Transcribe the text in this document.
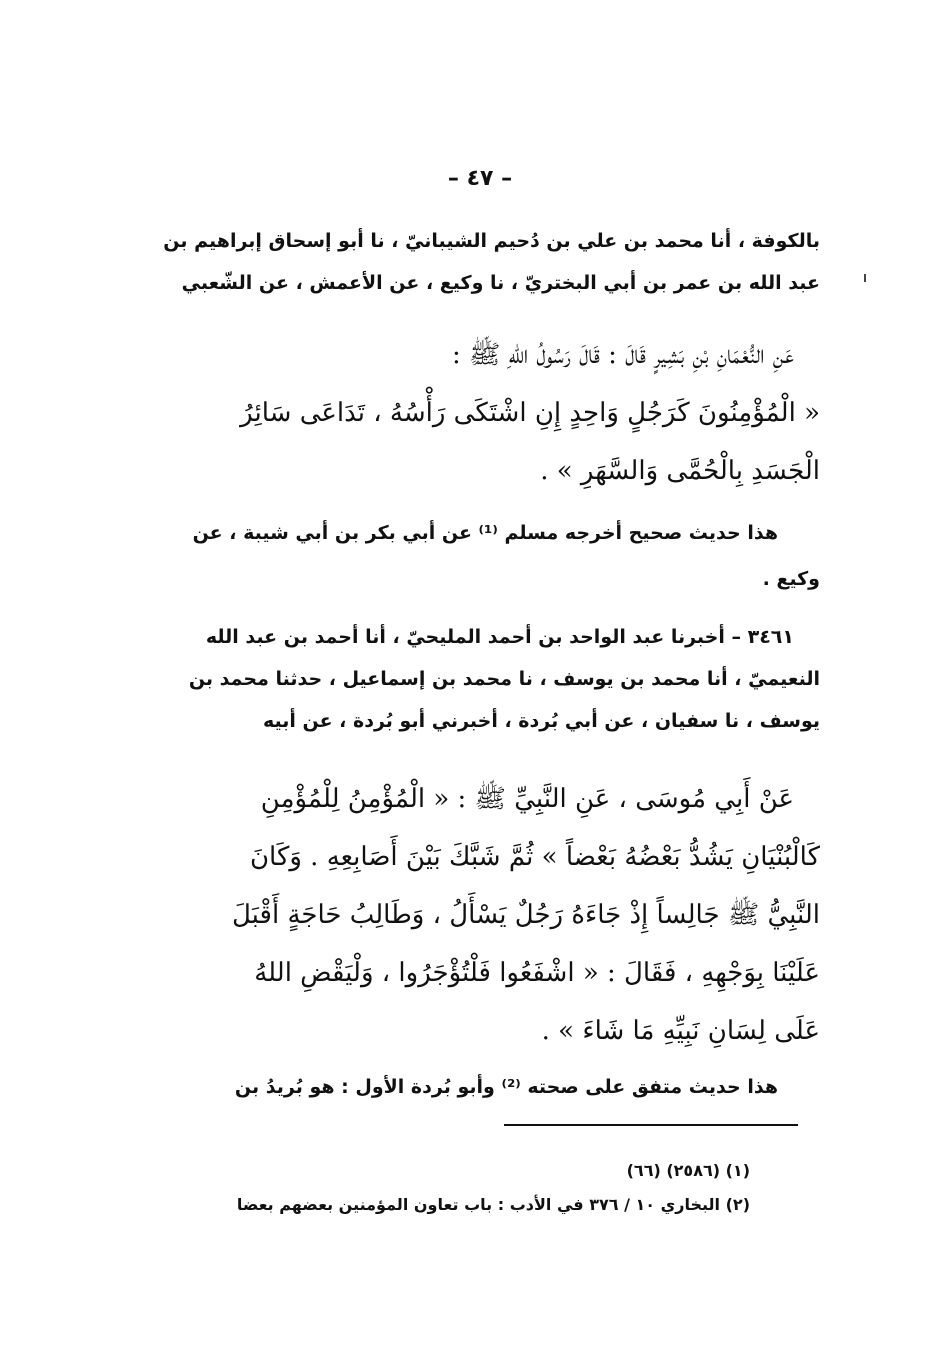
– ٤٧ –
بالكوفة ، أنا محمد بن علي بن دُحيم الشيبانيّ ، نا أبو إسحاق إبراهيم بن
عبد الله بن عمر بن أبي البختريّ ، نا وكيع ، عن الأعمش ، عن الشّعبي
عَنِ النُّعْمَانِ بْنِ بَشِيرٍ قَالَ : قَالَ رَسُولُ اللهِ ﷺ :
« الْمُؤْمِنُونَ كَرَجُلٍ وَاحِدٍ إِنِ اشْتَكَى رَأْسُهُ ، تَدَاعَى سَائِرُ
الْجَسَدِ بِالْحُمَّى وَالسَّهَرِ » .
هذا حديث صحيح أخرجه مسلم ⁽¹⁾ عن أبي بكر بن أبي شيبة ، عن
وكيع .
٣٤٦١ – أخبرنا عبد الواحد بن أحمد المليحيّ ، أنا أحمد بن عبد الله
النعيميّ ، أنا محمد بن يوسف ، نا محمد بن إسماعيل ، حدثنا محمد بن
يوسف ، نا سفيان ، عن أبي بُردة ، أخبرني أبو بُردة ، عن أبيه
عَنْ أَبِي مُوسَى ، عَنِ النَّبِيِّ ﷺ : « الْمُؤْمِنُ لِلْمُؤْمِنِ
كَالْبُنْيَانِ يَشُدُّ بَعْضُهُ بَعْضاً » ثُمَّ شَبَّكَ بَيْنَ أَصَابِعِهِ . وَكَانَ
النَّبِيُّ ﷺ جَالِساً إِذْ جَاءَهُ رَجُلٌ يَسْأَلُ ، وَطَالِبُ حَاجَةٍ أَقْبَلَ
عَلَيْنَا بِوَجْهِهِ ، فَقَالَ : « اشْفَعُوا فَلْتُؤْجَرُوا ، وَلْيَقْضِ اللهُ
عَلَى لِسَانِ نَبِيِّهِ مَا شَاءَ » .
هذا حديث متفق على صحته ⁽²⁾ وأبو بُردة الأول : هو بُريدُ بن
(١) (٢٥٨٦) (٦٦)
(٢) البخاري ١٠ / ٣٧٦ في الأدب : باب تعاون المؤمنين بعضهم بعضا
